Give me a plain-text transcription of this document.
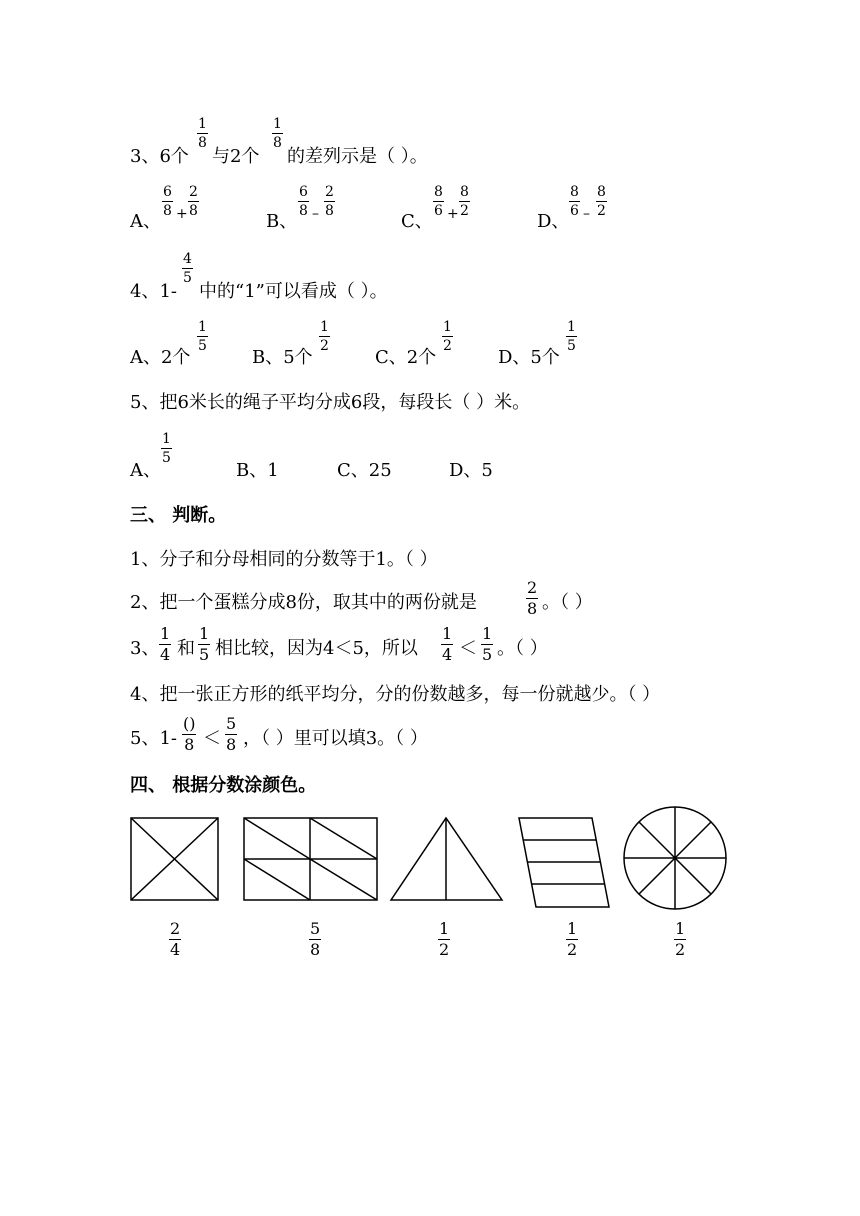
3、6个
$\frac{1}{8}$
与2个
$\frac{1}{8}$
的差列示是（ ）。
A、
$\frac{6}{8} + \frac{2}{8}$
B、
$\frac{6}{8} - \frac{2}{8}$
C、
$\frac{8}{6} + \frac{8}{2}$
D、
$\frac{8}{6} - \frac{8}{2}$
4、1-
$\frac{4}{5}$
中的“1”可以看成（ ）。
A、2个
$\frac{1}{5}$
B、5个
$\frac{1}{2}$
C、2个
$\frac{1}{2}$
D、5个
$\frac{1}{5}$
5、把6米长的绳子平均分成6段，每段长（ ）米。
A、
$\frac{1}{5}$
B、1	C、25	D、5
三、 判断。
1、分子和分母相同的分数等于1。（ ）
2、把一个蛋糕分成8份，取其中的两份就是	$\frac{2}{8}$ 。（ ）
3、 $\frac{1}{4}$ 和 $\frac{1}{5}$ 相比较，因为4＜5，所以 $\frac{1}{4} < \frac{1}{5}$ 。（ ）
4、把一张正方形的纸平均分，分的份数越多，每一份就越少。（ ）
5、1-
()
$8 < \frac{5}{8}$ ，（ ）里可以填3。（ ）
四、 根据分数涂颜色。
$\frac{2}{4}$	$\frac{5}{8}$	$\frac{1}{2}$	$\frac{1}{2}$	$\frac{1}{2}$
